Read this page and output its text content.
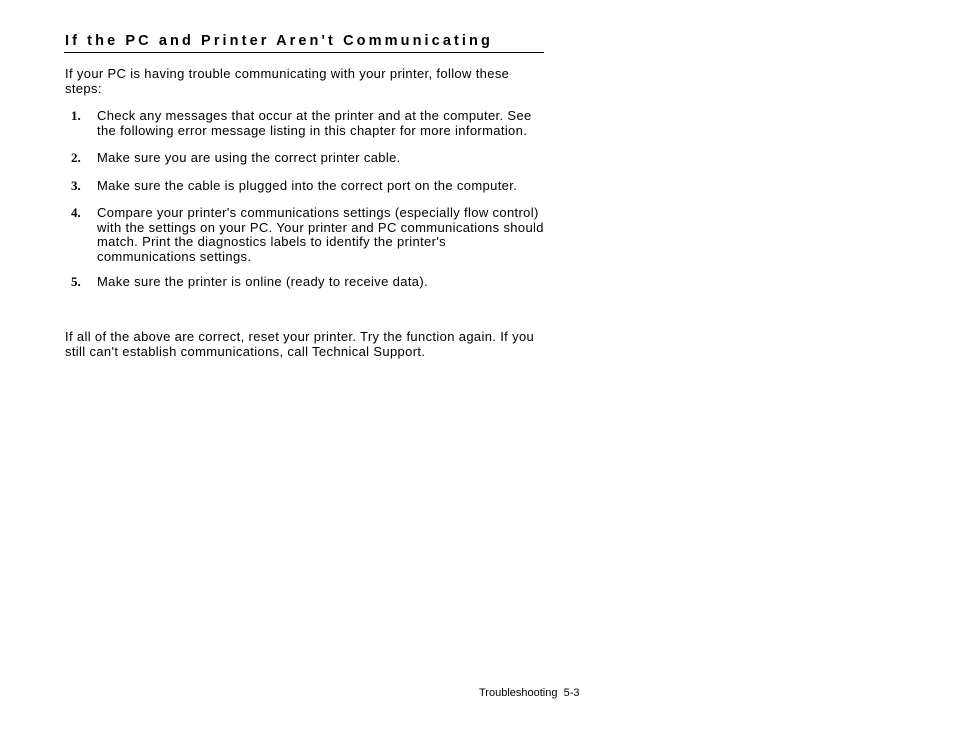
If the PC and Printer Aren't Communicating

If your PC is having trouble communicating with your printer, follow these steps:

1. Check any messages that occur at the printer and at the computer. See the following error message listing in this chapter for more information.
2. Make sure you are using the correct printer cable.
3. Make sure the cable is plugged into the correct port on the computer.
4. Compare your printer's communications settings (especially flow control) with the settings on your PC. Your printer and PC communications should match. Print the diagnostics labels to identify the printer's communications settings.
5. Make sure the printer is online (ready to receive data).

If all of the above are correct, reset your printer. Try the function again. If you still can't establish communications, call Technical Support.

Troubleshooting  5-3
